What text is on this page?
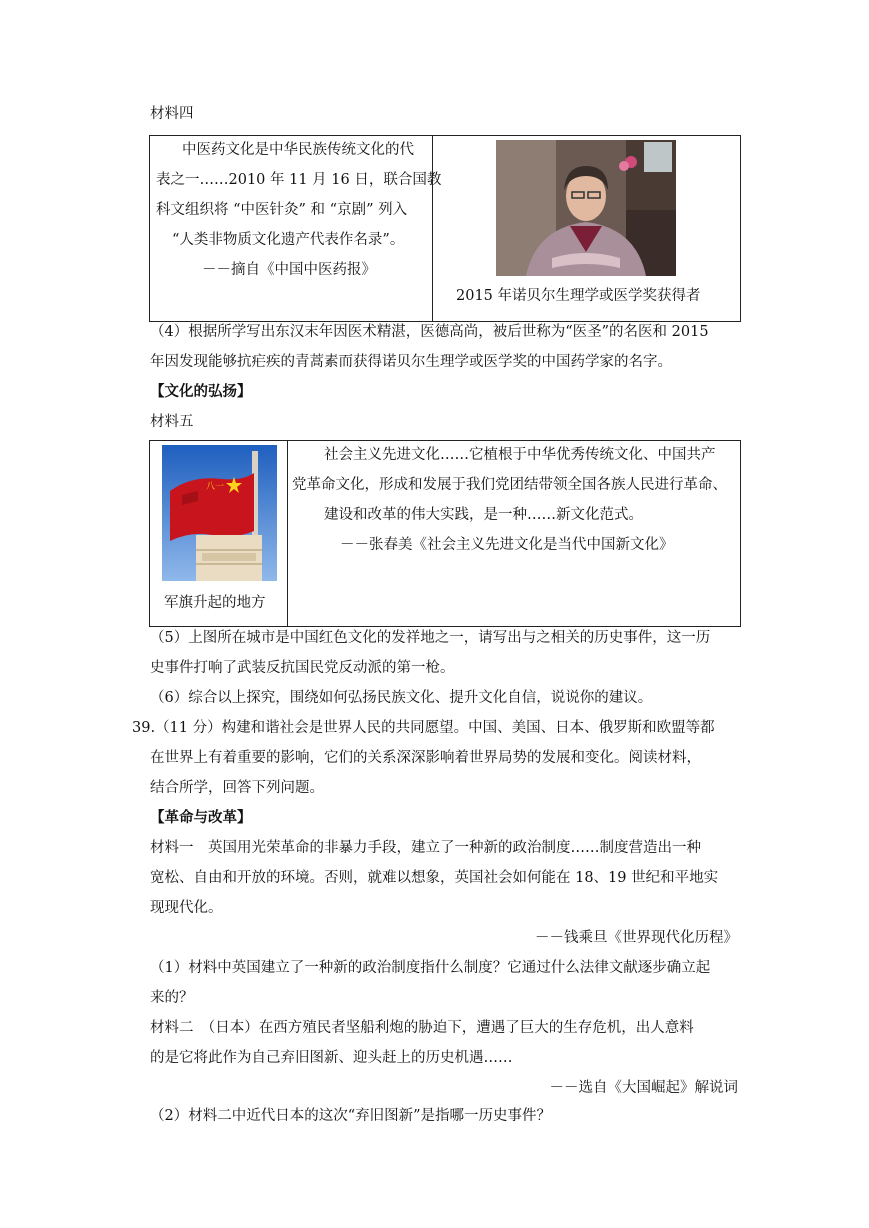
材料四
中医药文化是中华民族传统文化的代
表之一……2010 年 11 月 16 日，联合国教
科文组织将 “中医针灸” 和 “京剧” 列入
“人类非物质文化遗产代表作名录”。
－－摘自《中国中医药报》
2015 年诺贝尔生理学或医学奖获得者
（4）根据所学写出东汉末年因医术精湛，医德高尚，被后世称为“医圣”的名医和 2015
年因发现能够抗疟疾的青蒿素而获得诺贝尔生理学或医学奖的中国药学家的名字。
【文化的弘扬】
材料五
八一
军旗升起的地方
社会主义先进文化……它植根于中华优秀传统文化、中国共产
党革命文化，形成和发展于我们党团结带领全国各族人民进行革命、
建设和改革的伟大实践，是一种……新文化范式。
－－张春美《社会主义先进文化是当代中国新文化》
（5）上图所在城市是中国红色文化的发祥地之一，请写出与之相关的历史事件，这一历
史事件打响了武装反抗国民党反动派的第一枪。
（6）综合以上探究，围绕如何弘扬民族文化、提升文化自信，说说你的建议。
39.（11 分）构建和谐社会是世界人民的共同愿望。中国、美国、日本、俄罗斯和欧盟等都
在世界上有着重要的影响，它们的关系深深影响着世界局势的发展和变化。阅读材料，
结合所学，回答下列问题。
【革命与改革】
材料一　英国用光荣革命的非暴力手段，建立了一种新的政治制度……制度营造出一种
宽松、自由和开放的环境。否则，就难以想象，英国社会如何能在 18、19 世纪和平地实
现现代化。
－－钱乘旦《世界现代化历程》
（1）材料中英国建立了一种新的政治制度指什么制度？它通过什么法律文献逐步确立起
来的？
材料二　（日本）在西方殖民者坚船利炮的胁迫下，遭遇了巨大的生存危机，出人意料
的是它将此作为自己弃旧图新、迎头赶上的历史机遇……
－－选自《大国崛起》解说词
（2）材料二中近代日本的这次“弃旧图新”是指哪一历史事件？
